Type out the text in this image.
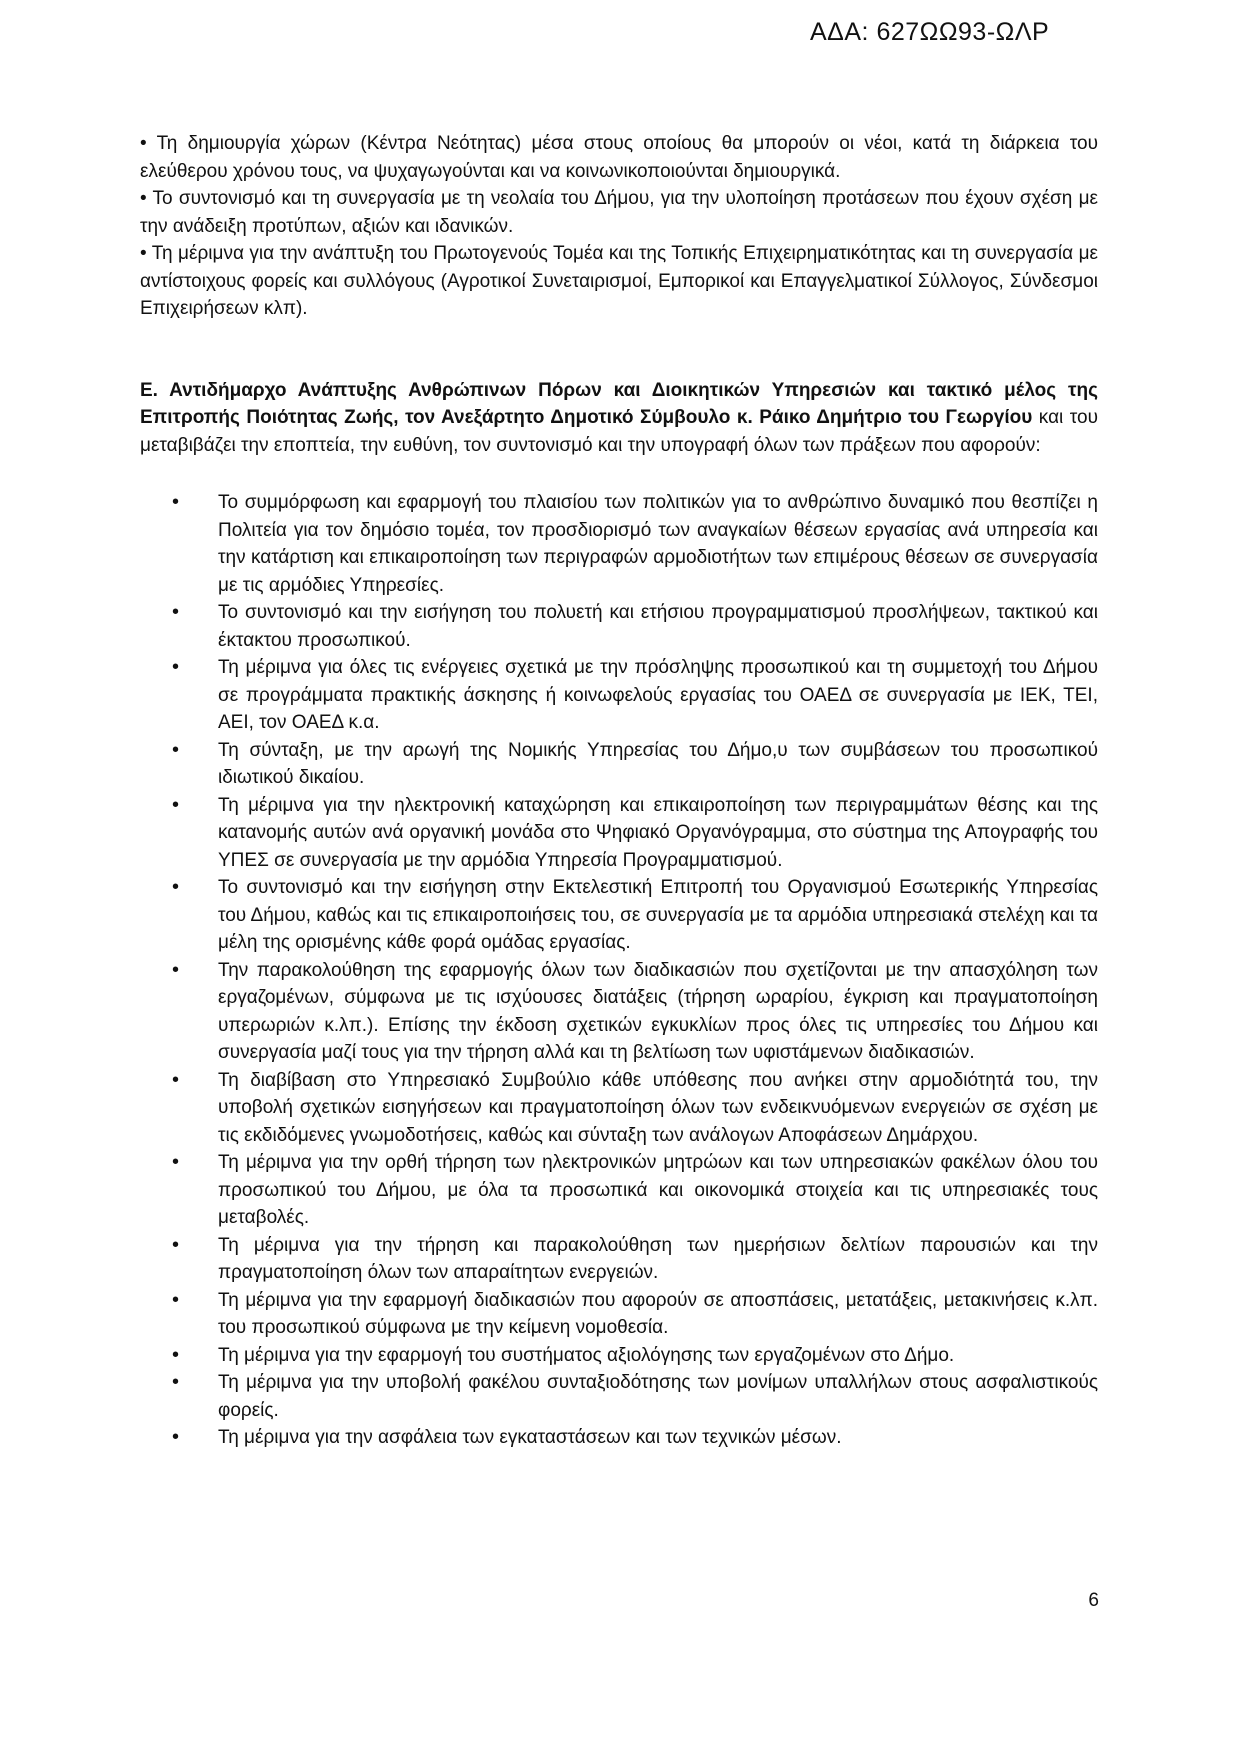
ΑΔΑ: 627ΩΩ93-ΩΛΡ

• Τη δημιουργία χώρων (Κέντρα Νεότητας) μέσα στους οποίους θα μπορούν οι νέοι, κατά τη διάρκεια του ελεύθερου χρόνου τους, να ψυχαγωγούνται και να κοινωνικοποιούνται δημιουργικά.

• Το συντονισμό και τη συνεργασία με τη νεολαία του Δήμου, για την υλοποίηση προτάσεων που έχουν σχέση με την ανάδειξη προτύπων, αξιών και ιδανικών.

• Τη μέριμνα για την ανάπτυξη του Πρωτογενούς Τομέα και της Τοπικής Επιχειρηματικότητας και τη συνεργασία με αντίστοιχους φορείς και συλλόγους (Αγροτικοί Συνεταιρισμοί, Εμπορικοί και Επαγγελματικοί Σύλλογος, Σύνδεσμοι Επιχειρήσεων κλπ).

Ε. Αντιδήμαρχο Ανάπτυξης Ανθρώπινων Πόρων και Διοικητικών Υπηρεσιών και τακτικό μέλος της Επιτροπής Ποιότητας Ζωής, τον Ανεξάρτητο Δημοτικό Σύμβουλο κ. Ράικο Δημήτριο του Γεωργίου και του μεταβιβάζει την εποπτεία, την ευθύνη, τον συντονισμό και την υπογραφή όλων των πράξεων που αφορούν:

• Το συμμόρφωση και εφαρμογή του πλαισίου των πολιτικών για το ανθρώπινο δυναμικό που θεσπίζει η Πολιτεία για τον δημόσιο τομέα, τον προσδιορισμό των αναγκαίων θέσεων εργασίας ανά υπηρεσία και την κατάρτιση και επικαιροποίηση των περιγραφών αρμοδιοτήτων των επιμέρους θέσεων σε συνεργασία με τις αρμόδιες Υπηρεσίες.
• Το συντονισμό και την εισήγηση του πολυετή και ετήσιου προγραμματισμού προσλήψεων, τακτικού και έκτακτου προσωπικού.
• Τη μέριμνα για όλες τις ενέργειες σχετικά με την πρόσληψης προσωπικού και τη συμμετοχή του Δήμου σε προγράμματα πρακτικής άσκησης ή κοινωφελούς εργασίας του ΟΑΕΔ σε συνεργασία με ΙΕΚ, ΤΕΙ, ΑΕΙ, τον ΟΑΕΔ κ.α.
• Τη σύνταξη, με την αρωγή της Νομικής Υπηρεσίας του Δήμο,υ των συμβάσεων του προσωπικού ιδιωτικού δικαίου.
• Τη μέριμνα για την ηλεκτρονική καταχώρηση και επικαιροποίηση των περιγραμμάτων θέσης και της κατανομής αυτών ανά οργανική μονάδα στο Ψηφιακό Οργανόγραμμα, στο σύστημα της Απογραφής του ΥΠΕΣ σε συνεργασία με την αρμόδια Υπηρεσία Προγραμματισμού.
• Το συντονισμό και την εισήγηση στην Εκτελεστική Επιτροπή του Οργανισμού Εσωτερικής Υπηρεσίας του Δήμου, καθώς και τις επικαιροποιήσεις του, σε συνεργασία με τα αρμόδια υπηρεσιακά στελέχη και τα μέλη της ορισμένης κάθε φορά ομάδας εργασίας.
• Την παρακολούθηση της εφαρμογής όλων των διαδικασιών που σχετίζονται με την απασχόληση των εργαζομένων, σύμφωνα με τις ισχύουσες διατάξεις (τήρηση ωραρίου, έγκριση και πραγματοποίηση υπερωριών κ.λπ.). Επίσης την έκδοση σχετικών εγκυκλίων προς όλες τις υπηρεσίες του Δήμου και συνεργασία μαζί τους για την τήρηση αλλά και τη βελτίωση των υφιστάμενων διαδικασιών.
• Τη διαβίβαση στο Υπηρεσιακό Συμβούλιο κάθε υπόθεσης που ανήκει στην αρμοδιότητά του, την υποβολή σχετικών εισηγήσεων και πραγματοποίηση όλων των ενδεικνυόμενων ενεργειών σε σχέση με τις εκδιδόμενες γνωμοδοτήσεις, καθώς και σύνταξη των ανάλογων Αποφάσεων Δημάρχου.
• Τη μέριμνα για την ορθή τήρηση των ηλεκτρονικών μητρώων και των υπηρεσιακών φακέλων όλου του προσωπικού του Δήμου, με όλα τα προσωπικά και οικονομικά στοιχεία και τις υπηρεσιακές τους μεταβολές.
• Τη μέριμνα για την τήρηση και παρακολούθηση των ημερήσιων δελτίων παρουσιών και την πραγματοποίηση όλων των απαραίτητων ενεργειών.
• Τη μέριμνα για την εφαρμογή διαδικασιών που αφορούν σε αποσπάσεις, μετατάξεις, μετακινήσεις κ.λπ. του προσωπικού σύμφωνα με την κείμενη νομοθεσία.
• Τη μέριμνα για την εφαρμογή του συστήματος αξιολόγησης των εργαζομένων στο Δήμο.
• Τη μέριμνα για την υποβολή φακέλου συνταξιοδότησης των μονίμων υπαλλήλων στους ασφαλιστικούς φορείς.
• Τη μέριμνα για την ασφάλεια των εγκαταστάσεων και των τεχνικών μέσων.
6
